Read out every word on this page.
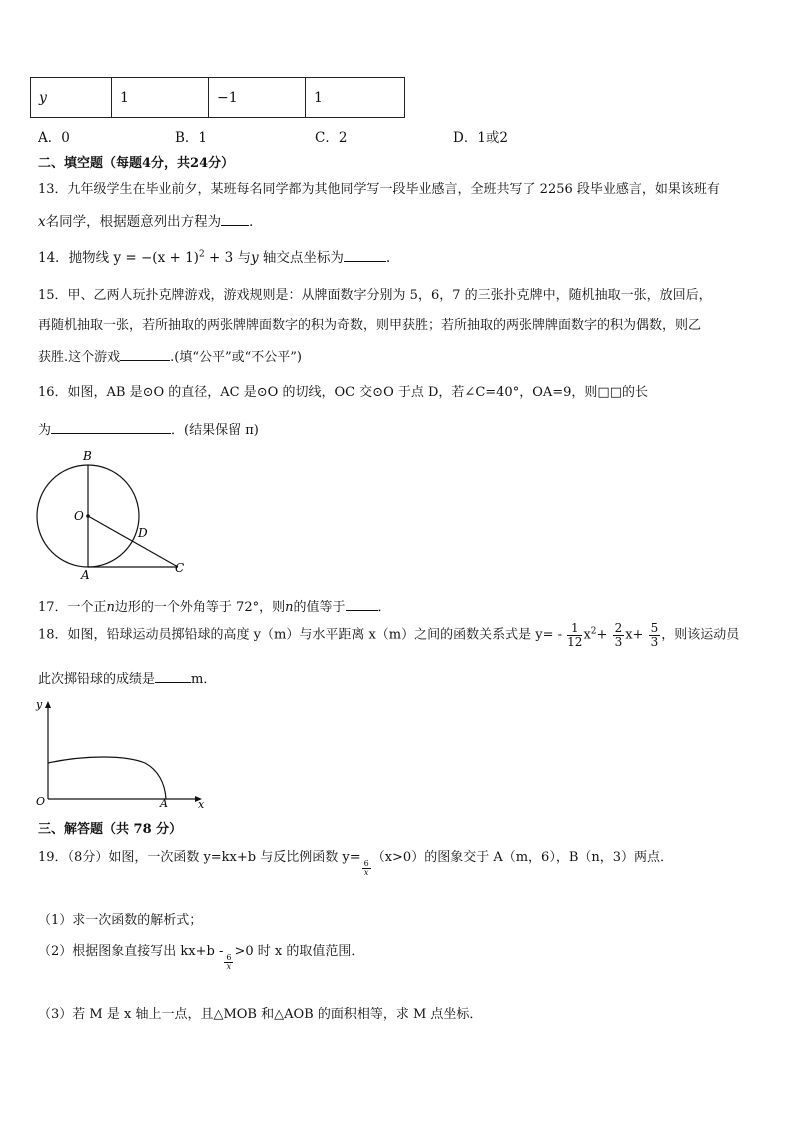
y	1	−1	1
A．0	B．1	C．2	D．1或2
二、填空题（每题4分，共24分）
13．九年级学生在毕业前夕，某班每名同学都为其他同学写一段毕业感言，全班共写了 2256 段毕业感言，如果该班有
x名同学，根据题意列出方程为 ．
14．抛物线 $y = -(x + 1)^2 + 3$ 与y 轴交点坐标为	.
15．甲、乙两人玩扑克牌游戏，游戏规则是：从牌面数字分别为 5，6，7 的三张扑克牌中，随机抽取一张，放回后，
再随机抽取一张，若所抽取的两张牌牌面数字的积为奇数，则甲获胜；若所抽取的两张牌牌面数字的积为偶数，则乙
获胜.这个游戏	.(填“公平”或“不公平”)
16．如图，AB 是⊙O 的直径，AC 是⊙O 的切线，OC 交⊙O 于点 D，若∠C=40°，OA=9，则□□的长
为	．(结果保留 π)
B
O
D
A	C
17．一个正n边形的一个外角等于 72°，则n的值等于 ．
18．如图，铅球运动员掷铅球的高度 y（m）与水平距离 x（m）之间的函数关系式是 $y= - \frac{1}{12} x^2+ \frac{2}{3} x+ \frac{5}{3}$ ，则该运动员
此次掷铅球的成绩是	m．
y
O	A	x
三、解答题（共 78 分）
19．（8分）如图，一次函数 y=kx+b 与反比例函数 y=
$\frac{6}{x}$
（x>0）的图象交于 A（m，6），B（n，3）两点．
（1）求一次函数的解析式；
（2）根据图象直接写出 kx+b -
$\frac{6}{x}$
>0 时 x 的取值范围．
（3）若 M 是 x 轴上一点，且△MOB 和△AOB 的面积相等，求 M 点坐标．
